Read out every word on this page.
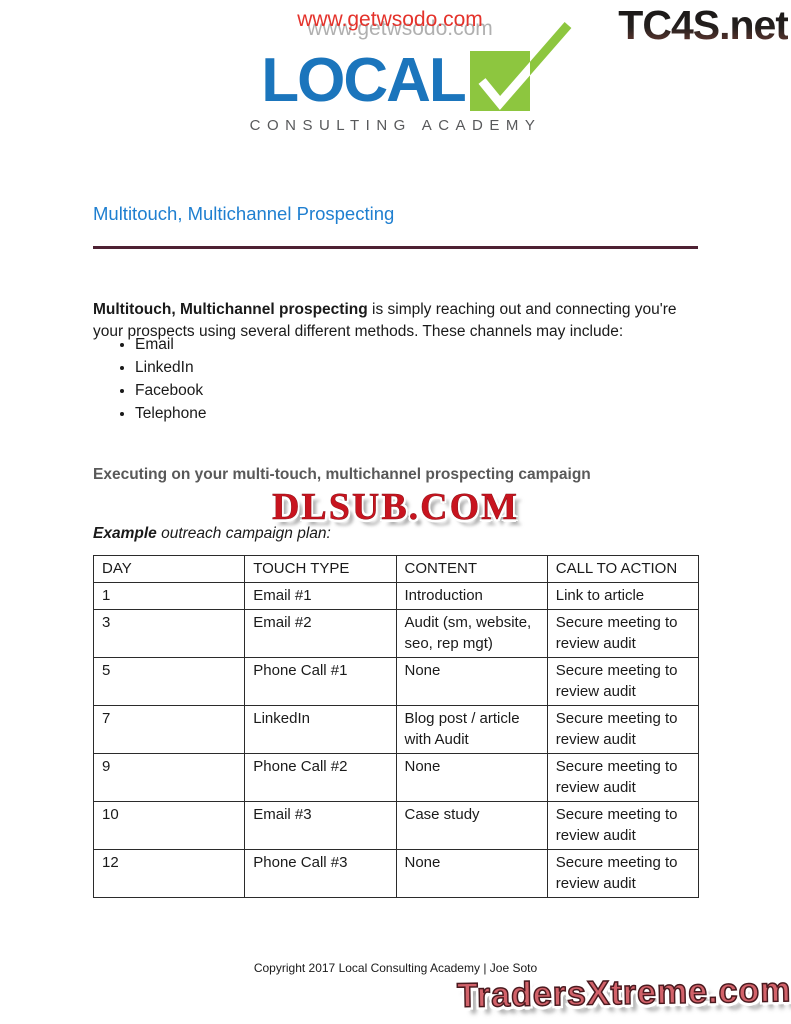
www.getwsodo.com	TC4S.net
LOCAL
CONSULTING ACADEMY
Multitouch, Multichannel Prospecting

Multitouch, Multichannel prospecting is simply reaching out and connecting you're your prospects using several different methods. These channels may include:

• Email
• LinkedIn
• Facebook
• Telephone
Executing on your multi-touch, multichannel prospecting campaign
DLSUB.COM
Example outreach campaign plan:
DAY	TOUCH TYPE	CONTENT	CALL TO ACTION
1	Email #1	Introduction	Link to article
3	Email #2	Audit (sm, website, seo, rep mgt)	Secure meeting to review audit
5	Phone Call #1	None	Secure meeting to review audit
7	LinkedIn	Blog post / article with Audit	Secure meeting to review audit
9	Phone Call #2	None	Secure meeting to review audit
10	Email #3	Case study	Secure meeting to review audit
12	Phone Call #3	None	Secure meeting to review audit
Copyright 2017 Local Consulting Academy | Joe Soto
TradersXtreme.com
